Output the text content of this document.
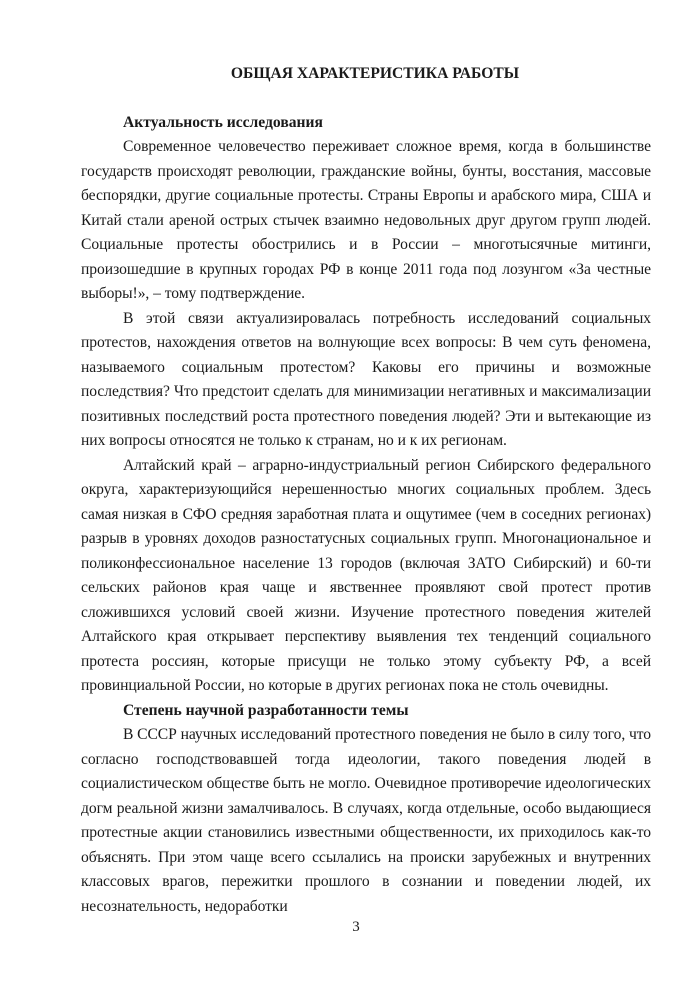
ОБЩАЯ ХАРАКТЕРИСТИКА РАБОТЫ

Актуальность исследования

Современное человечество переживает сложное время, когда в большинстве государств происходят революции, гражданские войны, бунты, восстания, массовые беспорядки, другие социальные протесты. Страны Европы и арабского мира, США и Китай стали ареной острых стычек взаимно недовольных друг другом групп людей. Социальные протесты обострились и в России – многотысячные митинги, произошедшие в крупных городах РФ в конце 2011 года под лозунгом «За честные выборы!», – тому подтверждение.

В этой связи актуализировалась потребность исследований социальных протестов, нахождения ответов на волнующие всех вопросы: В чем суть феномена, называемого социальным протестом? Каковы его причины и возможные последствия? Что предстоит сделать для минимизации негативных и максимализации позитивных последствий роста протестного поведения людей? Эти и вытекающие из них вопросы относятся не только к странам, но и к их регионам.

Алтайский край – аграрно-индустриальный регион Сибирского федерального округа, характеризующийся нерешенностью многих социальных проблем. Здесь самая низкая в СФО средняя заработная плата и ощутимее (чем в соседних регионах) разрыв в уровнях доходов разностатусных социальных групп. Многонациональное и поликонфессиональное население 13 городов (включая ЗАТО Сибирский) и 60-ти сельских районов края чаще и явственнее проявляют свой протест против сложившихся условий своей жизни. Изучение протестного поведения жителей Алтайского края открывает перспективу выявления тех тенденций социального протеста россиян, которые присущи не только этому субъекту РФ, а всей провинциальной России, но которые в других регионах пока не столь очевидны.

Степень научной разработанности темы

В СССР научных исследований протестного поведения не было в силу того, что согласно господствовавшей тогда идеологии, такого поведения людей в социалистическом обществе быть не могло. Очевидное противоречие идеологических догм реальной жизни замалчивалось. В случаях, когда отдельные, особо выдающиеся протестные акции становились известными общественности, их приходилось как-то объяснять. При этом чаще всего ссылались на происки зарубежных и внутренних классовых врагов, пережитки прошлого в сознании и поведении людей, их несознательность, недоработки

3
